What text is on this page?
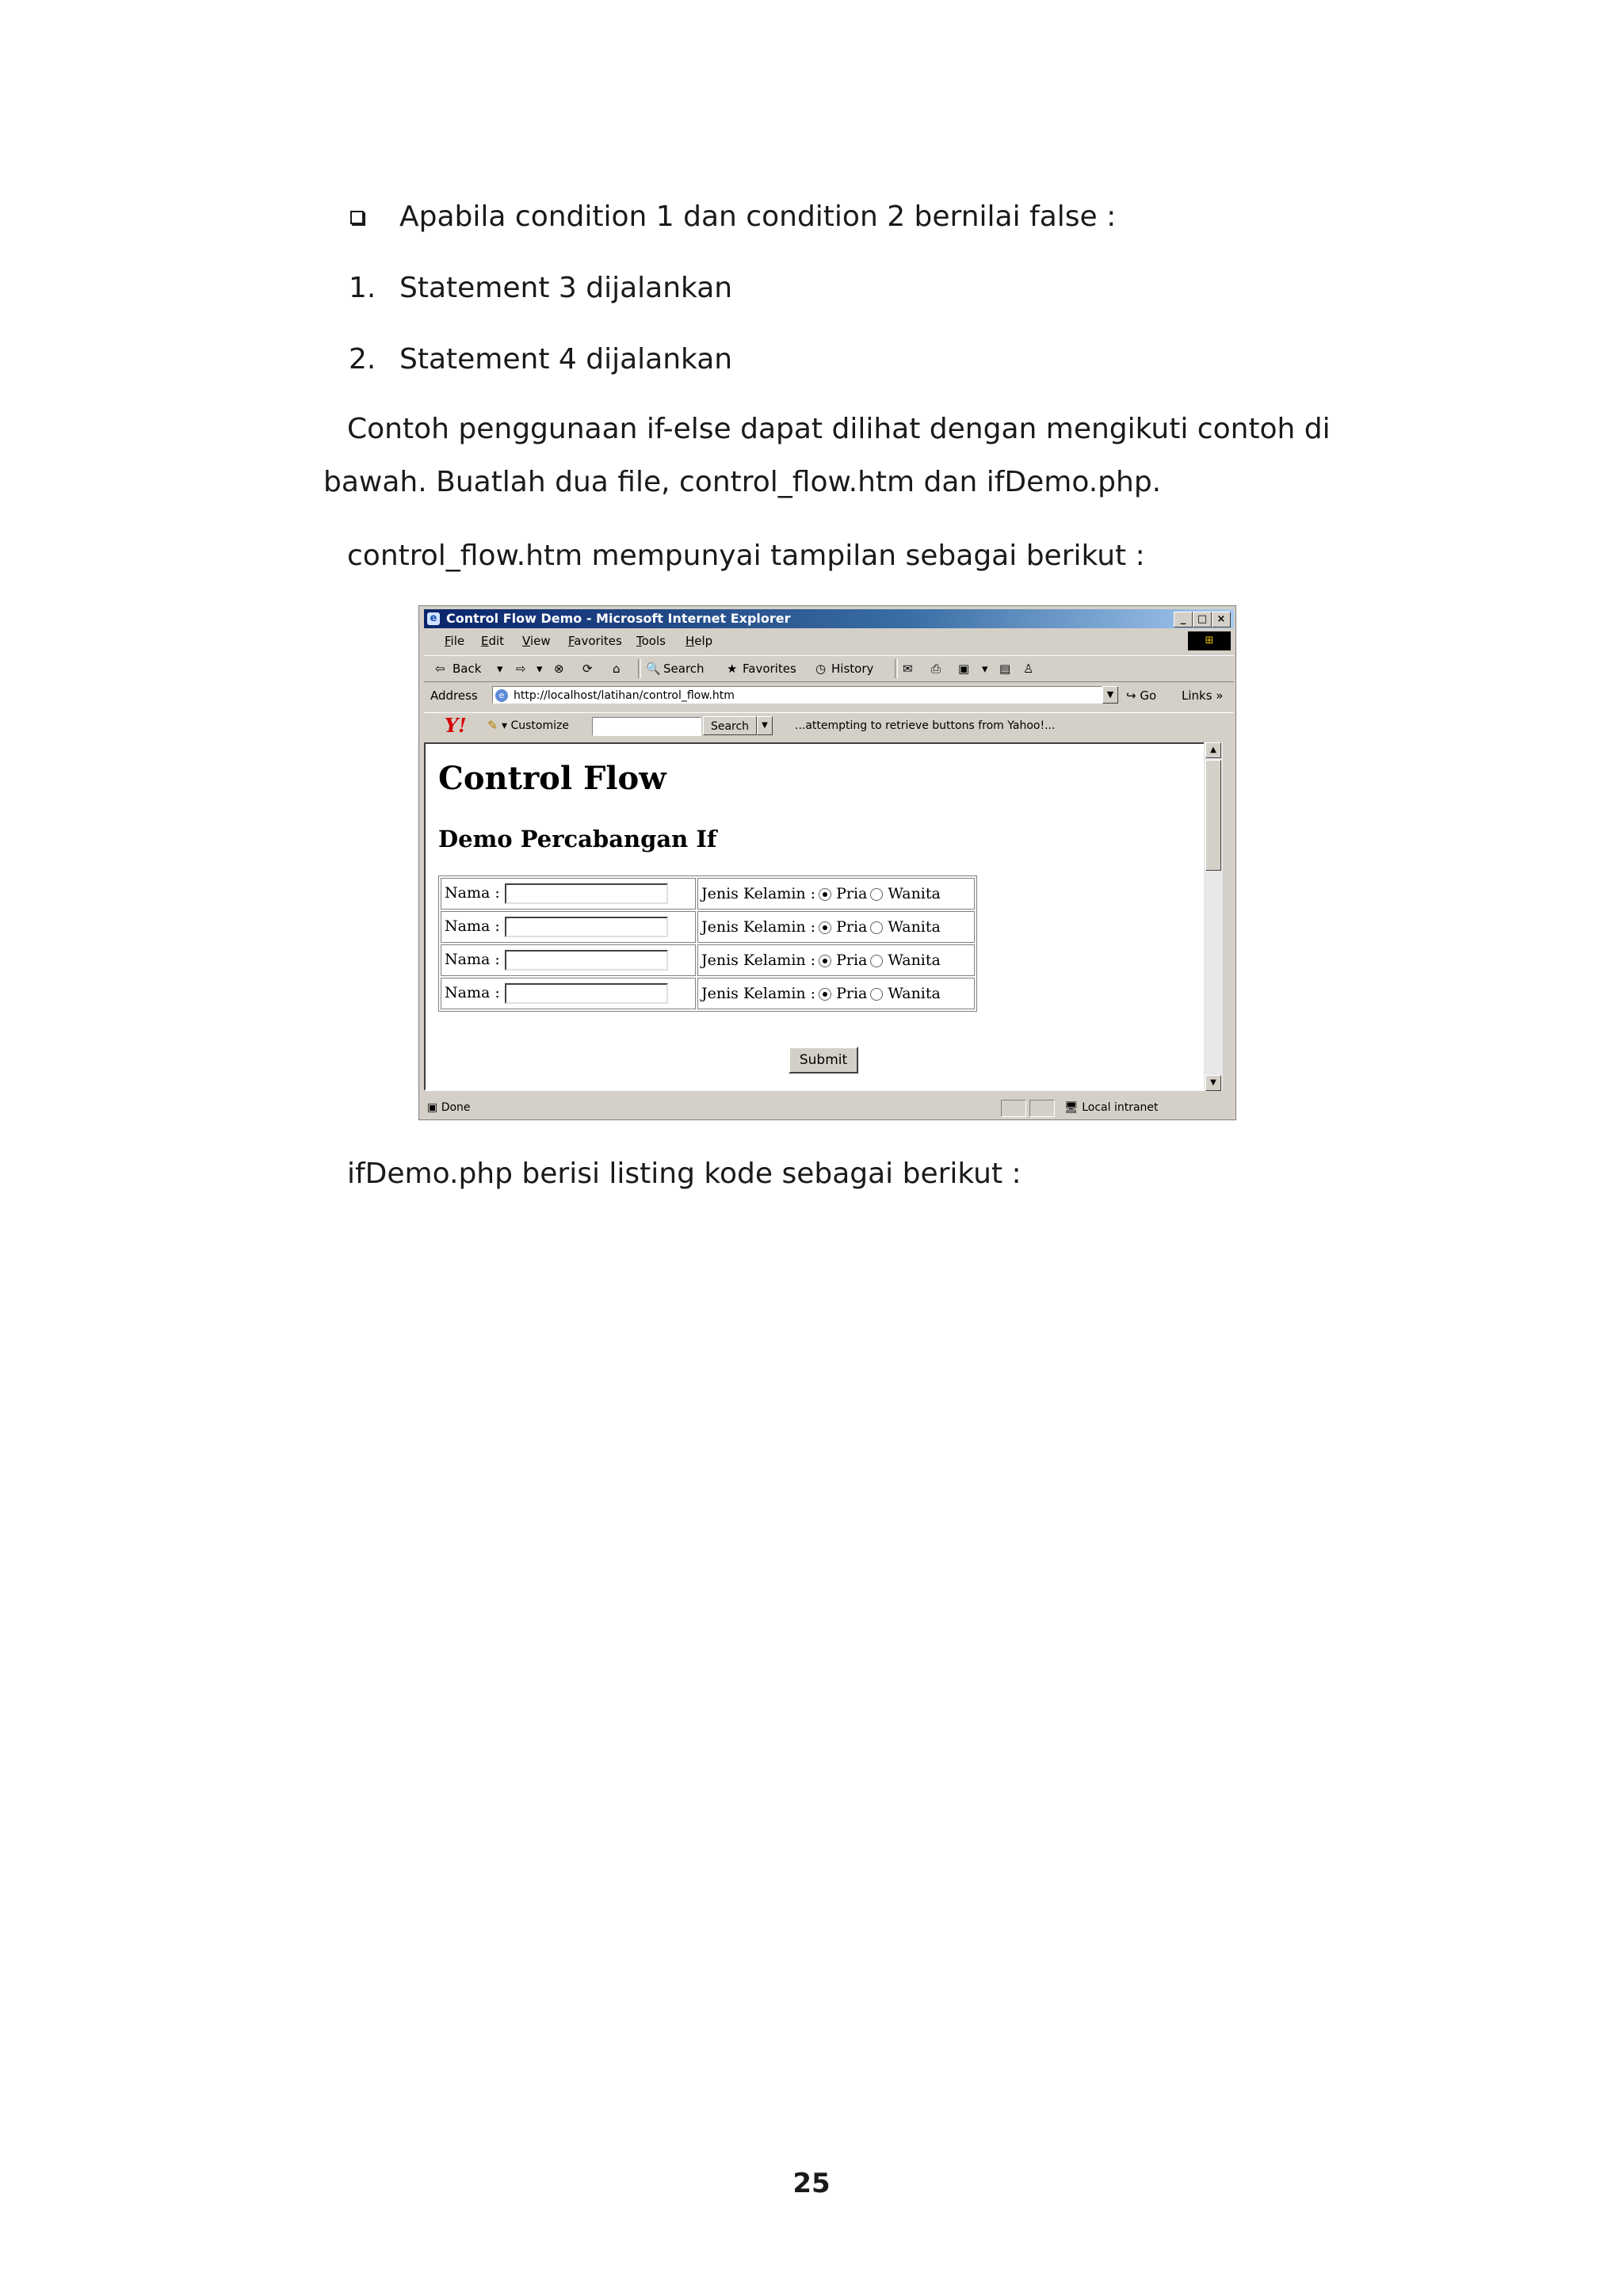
Apabila condition 1 dan condition 2 bernilai false :
1. Statement 3 dijalankan
2. Statement 4 dijalankan
Contoh penggunaan if-else dapat dilihat dengan mengikuti contoh di
bawah. Buatlah dua file, control_flow.htm dan ifDemo.php.
control_flow.htm mempunyai tampilan sebagai berikut :
e Control Flow Demo - Microsoft Internet Explorer	_	□ ×
File Edit View Favorites Tools Help	⊞
⇦ Back ▾ ⇨ ▾ ⊗ ⟳ ⌂ 🔍 Search ★ Favorites ◷ History ✉ ⎙ ▣ ▾ ▤ ♙
Address	http://localhost/latihan/control_flow.htm
e	▼	↪ Go Links »
Y! ✎ ▾ Customize	Search	▼	...attempting to retrieve buttons from Yahoo!...
Control Flow
Demo Percabangan If
Nama :	Jenis Kelamin : Pria Wanita
Nama :	Jenis Kelamin : Pria Wanita
Nama :	Jenis Kelamin : Pria Wanita
Nama :	Jenis Kelamin : Pria Wanita
Submit
▲
▼
▣ Done	🖥 Local intranet
ifDemo.php berisi listing kode sebagai berikut :
25
